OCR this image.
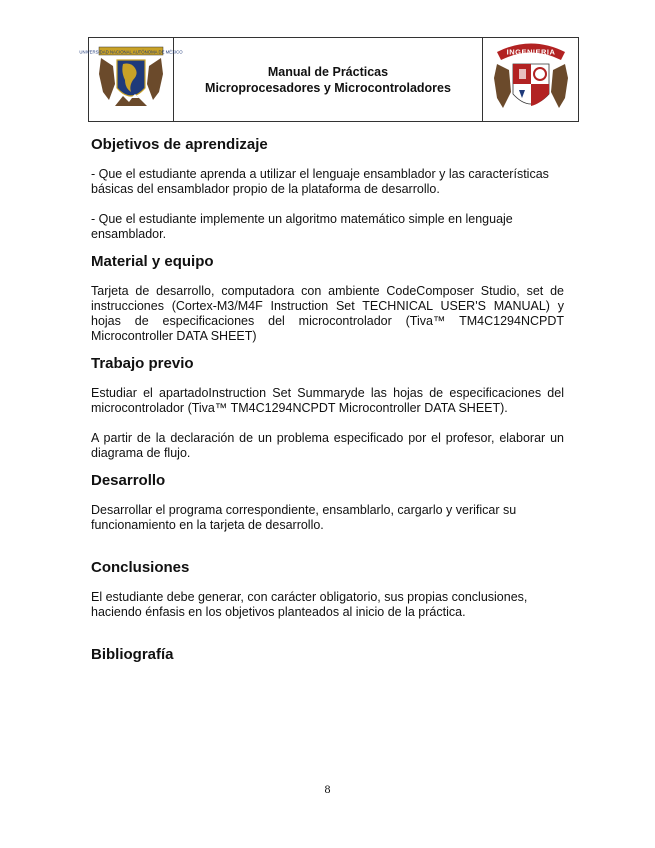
UNIVERSIDAD NACIONAL AUTÓNOMA DE MÉXICO
Manual de Prácticas
Microprocesadores y Microcontroladores
INGENIERIA
Objetivos de aprendizaje

- Que el estudiante aprenda a utilizar el lenguaje ensamblador y las características básicas del ensamblador propio de la plataforma de desarrollo.

- Que el estudiante implemente un algoritmo matemático simple en lenguaje ensamblador.

Material y equipo

Tarjeta de desarrollo, computadora con ambiente CodeComposer Studio, set de instrucciones (Cortex-M3/M4F Instruction Set TECHNICAL USER'S MANUAL) y hojas de especificaciones del microcontrolador (Tiva™ TM4C1294NCPDT Microcontroller DATA SHEET)

Trabajo previo

Estudiar el apartadoInstruction Set Summaryde las hojas de especificaciones del microcontrolador (Tiva™ TM4C1294NCPDT Microcontroller DATA SHEET).

A partir de la declaración de un problema especificado por el profesor, elaborar un diagrama de flujo.

Desarrollo

Desarrollar el programa correspondiente, ensamblarlo, cargarlo y verificar su funcionamiento en la tarjeta de desarrollo.

Conclusiones

El estudiante debe generar, con carácter obligatorio, sus propias conclusiones, haciendo énfasis en los objetivos planteados al inicio de la práctica.

Bibliografía
8
